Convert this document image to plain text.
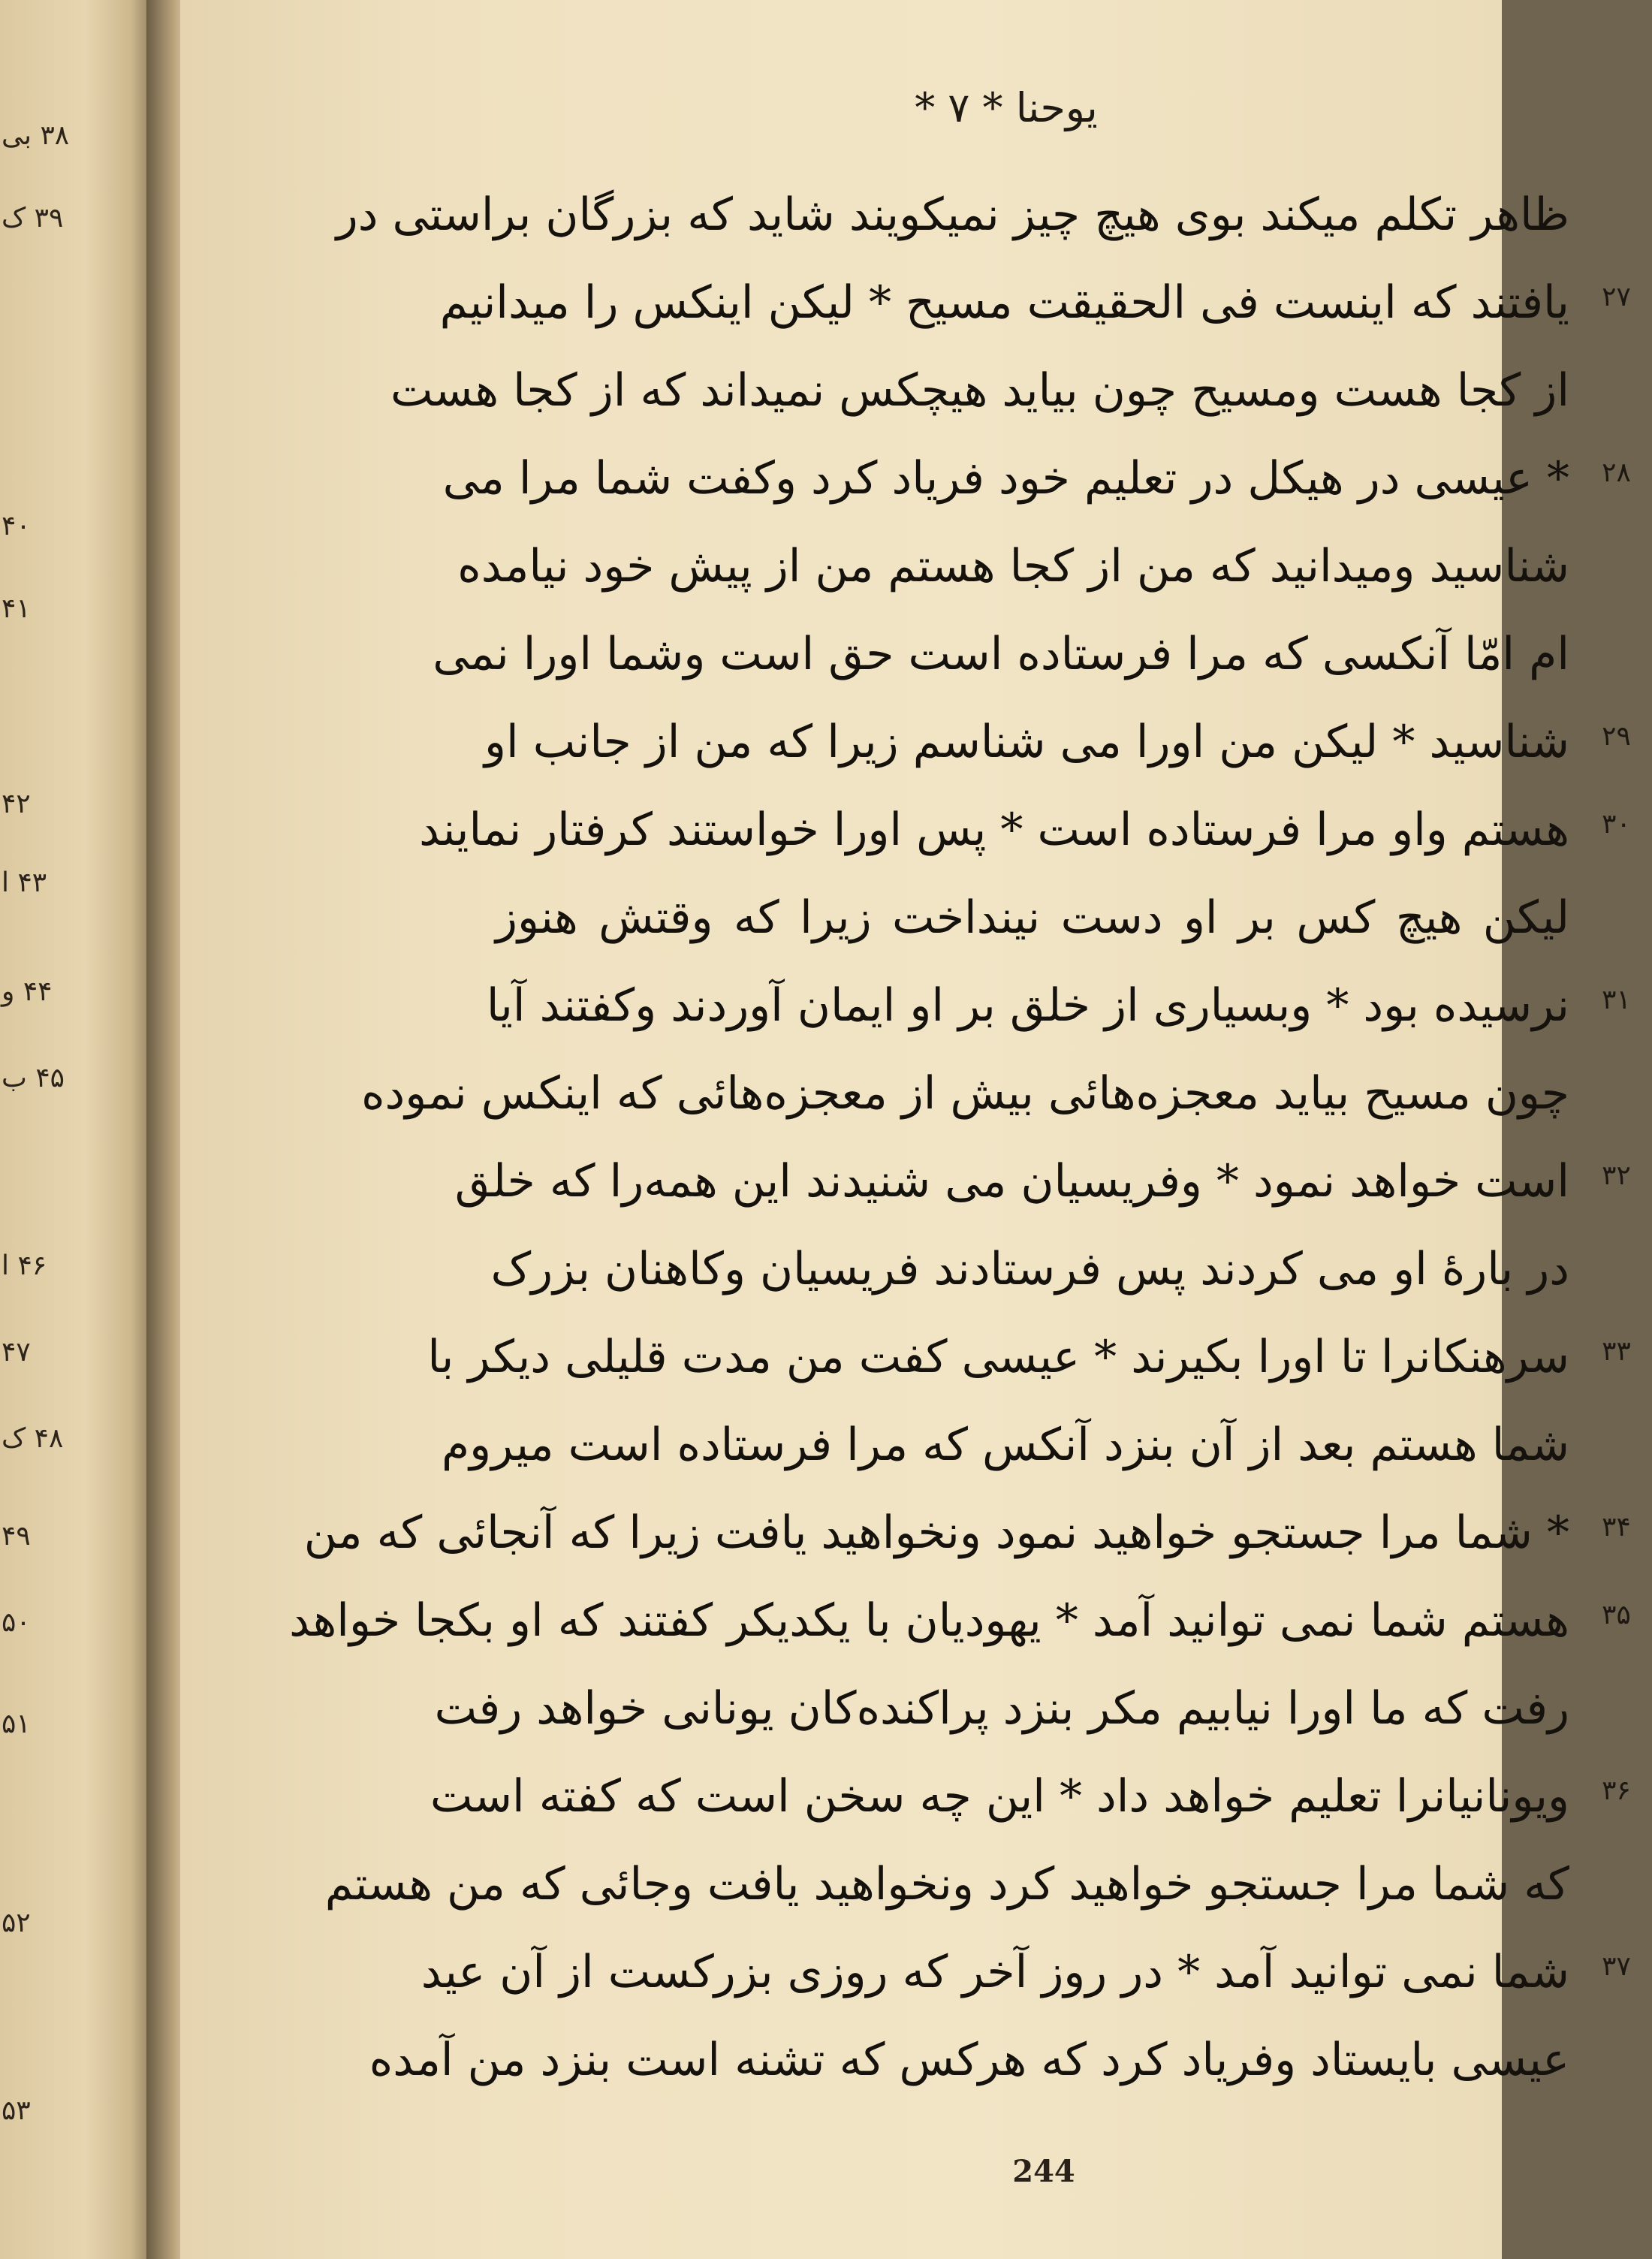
۳۸ بی
۳۹ ک
۴۰
۴۱
۴۲
۴۳ ا
۴۴ و
۴۵ ب
۴۶ ا
۴۷
۴۸ ک
۴۹
۵۰
۵۱
۵۲
۵۳
یوحنا * ۷ *
ظاهر تکلم میکند بوی هیچ چیز نمیکویند شاید که بزرگان براستی در
۲۷
یافتند که اینست فی الحقیقت مسیح * لیکن اینکس را میدانیم
از کجا هست ومسیح چون بیاید هیچکس نمیداند که از کجا هست
۲۸
* عیسی در هیکل در تعلیم خود فریاد کرد وکفت شما مرا می
شناسید ومیدانید که من از کجا هستم من از پیش خود نیامده
ام امّا آنکسی که مرا فرستاده است حق است وشما اورا نمی
۲۹
شناسید * لیکن من اورا می شناسم زیرا که من از جانب او
۳۰
هستم واو مرا فرستاده است * پس اورا خواستند کرفتار نمایند
لیکن هیچ کس بر او دست نینداخت زیرا که وقتش هنوز
۳۱
نرسیده بود * وبسیاری از خلق بر او ایمان آوردند وکفتند آیا
چون مسیح بیاید معجزه‌هائی بیش از معجزه‌هائی که اینکس نموده
۳۲
است خواهد نمود * وفریسیان می شنیدند این همه‌را که خلق
در بارهٔ او می کردند پس فرستادند فریسیان وکاهنان بزرک
۳۳
سرهنکانرا تا اورا بکیرند * عیسی کفت من مدت قلیلی دیکر با
شما هستم بعد از آن بنزد آنکس که مرا فرستاده است میروم
۳۴
* شما مرا جستجو خواهید نمود ونخواهید یافت زیرا که آنجائی که من
۳۵
هستم شما نمی توانید آمد * یهودیان با یکدیکر کفتند که او بکجا خواهد
رفت که ما اورا نیابیم مکر بنزد پراکنده‌کان یونانی خواهد رفت
۳۶
ویونانیانرا تعلیم خواهد داد * این چه سخن است که کفته است
که شما مرا جستجو خواهید کرد ونخواهید یافت وجائی که من هستم
۳۷
شما نمی توانید آمد * در روز آخر که روزی بزرکست از آن عید
عیسی بایستاد وفریاد کرد که هرکس که تشنه است بنزد من آمده
244
